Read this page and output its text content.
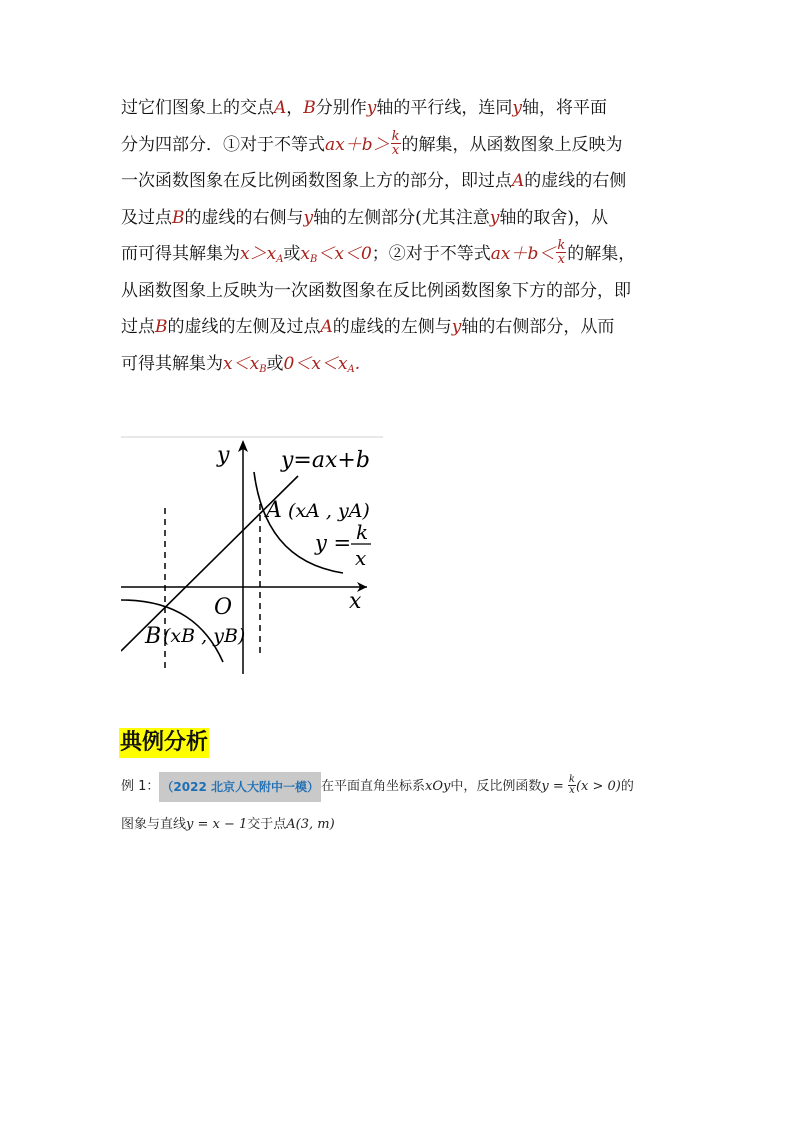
过它们图象上的交点A，B分别作y轴的平行线，连同y轴，将平面
分为四部分．①对于不等式$ax+b> \frac{k}{x}$ 的解集，从函数图象上反映为
一次函数图象在反比例函数图象上方的部分，即过点A的虚线的右侧
及过点B的虚线的右侧与y轴的左侧部分(尤其注意y轴的取舍)，从
而可得其解集为$x>x_A$或$x_B<x<0$；②对于不等式$ax+b< \frac{k}{x}$ 的解集，
从函数图象上反映为一次函数图象在反比例函数图象下方的部分，即
过点B的虚线的左侧及过点A的虚线的左侧与y轴的右侧部分，从而
可得其解集为$x<x_B$或$0<x<x_A$.
y
x
O
y=ax+b
A (xA , yA)
B (xB , yB)
y = k
x
典例分析
例 1： （2022 北京人大附中一模） 在平面直角坐标系xOy中，反比例函数$y = \frac{k}{x}(x > 0)$的
图象与直线y = x − 1交于点A(3, m)
